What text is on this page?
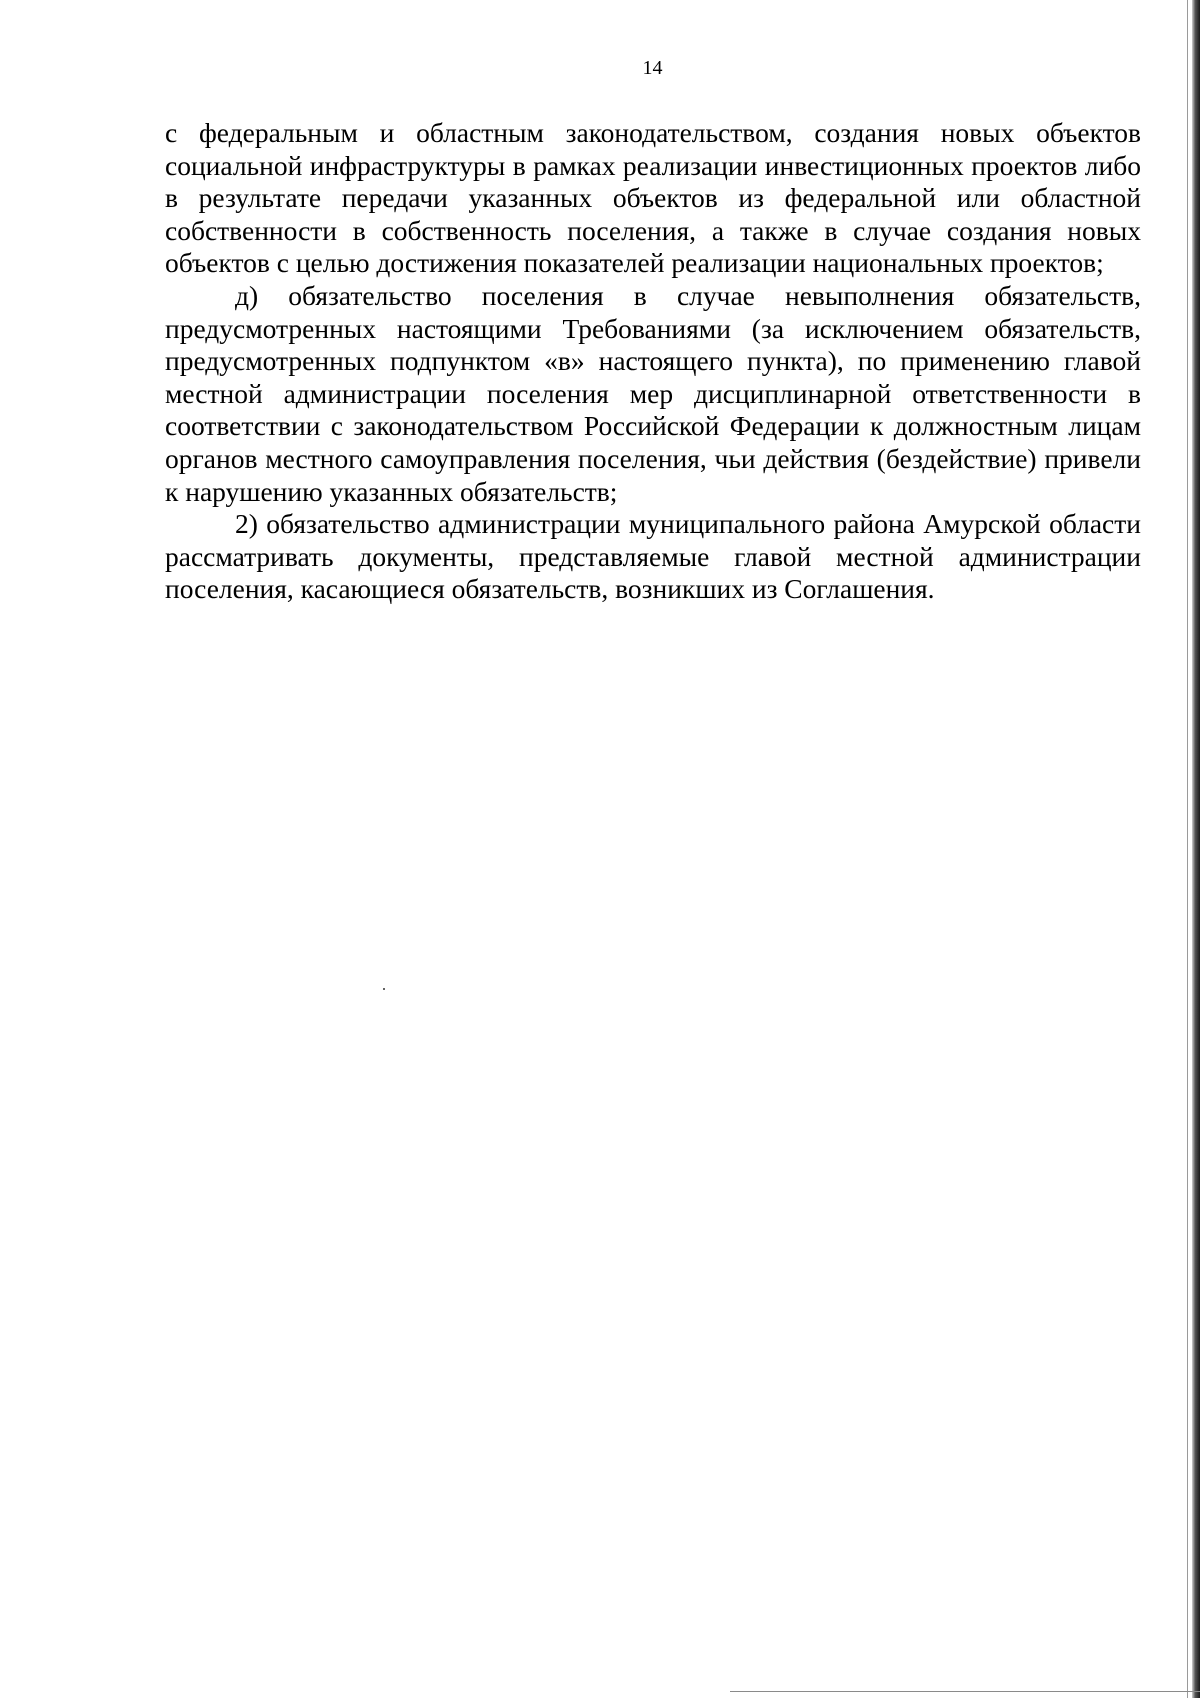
14

с федеральным и областным законодательством, создания новых объектов социальной инфраструктуры в рамках реализации инвестиционных проектов либо в результате передачи указанных объектов из федеральной или областной собственности в собственность поселения, а также в случае создания новых объектов с целью достижения показателей реализации национальных проектов;

д) обязательство поселения в случае невыполнения обязательств, предусмотренных настоящими Требованиями (за исключением обязательств, предусмотренных подпунктом «в» настоящего пункта), по применению главой местной администрации поселения мер дисциплинарной ответственности в соответствии с законодательством Российской Федерации к должностным лицам органов местного самоуправления поселения, чьи действия (бездействие) привели к нарушению указанных обязательств;

2) обязательство администрации муниципального района Амурской области рассматривать документы, представляемые главой местной администрации поселения, касающиеся обязательств, возникших из Соглашения.
